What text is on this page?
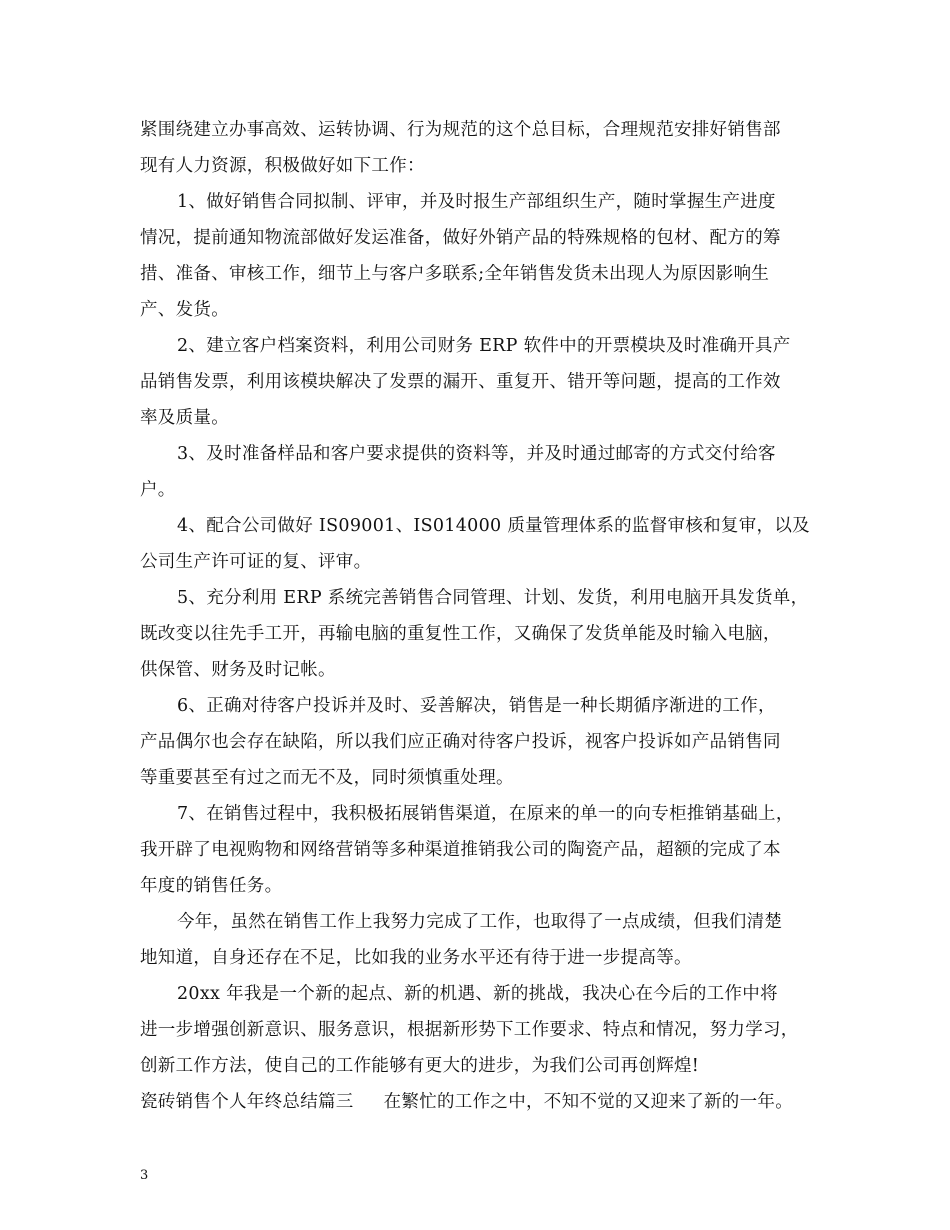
紧围绕建立办事高效、运转协调、行为规范的这个总目标，合理规范安排好销售部
现有人力资源，积极做好如下工作：
1、做好销售合同拟制、评审，并及时报生产部组织生产，随时掌握生产进度
情况，提前通知物流部做好发运准备，做好外销产品的特殊规格的包材、配方的筹
措、准备、审核工作，细节上与客户多联系;全年销售发货未出现人为原因影响生
产、发货。
2、建立客户档案资料，利用公司财务 ERP 软件中的开票模块及时准确开具产
品销售发票，利用该模块解决了发票的漏开、重复开、错开等问题，提高的工作效
率及质量。
3、及时准备样品和客户要求提供的资料等，并及时通过邮寄的方式交付给客
户。
4、配合公司做好 IS09001、IS014000 质量管理体系的监督审核和复审，以及
公司生产许可证的复、评审。
5、充分利用 ERP 系统完善销售合同管理、计划、发货，利用电脑开具发货单，
既改变以往先手工开，再输电脑的重复性工作，又确保了发货单能及时输入电脑，
供保管、财务及时记帐。
6、正确对待客户投诉并及时、妥善解决，销售是一种长期循序渐进的工作，
产品偶尔也会存在缺陷，所以我们应正确对待客户投诉，视客户投诉如产品销售同
等重要甚至有过之而无不及，同时须慎重处理。
7、在销售过程中，我积极拓展销售渠道，在原来的单一的向专柜推销基础上，
我开辟了电视购物和网络营销等多种渠道推销我公司的陶瓷产品，超额的完成了本
年度的销售任务。
今年，虽然在销售工作上我努力完成了工作，也取得了一点成绩，但我们清楚
地知道，自身还存在不足，比如我的业务水平还有待于进一步提高等。
20xx 年我是一个新的起点、新的机遇、新的挑战，我决心在今后的工作中将
进一步增强创新意识、服务意识，根据新形势下工作要求、特点和情况，努力学习，
创新工作方法，使自己的工作能够有更大的进步，为我们公司再创辉煌!
瓷砖销售个人年终总结篇三 在繁忙的工作之中，不知不觉的又迎来了新的一年。
3
